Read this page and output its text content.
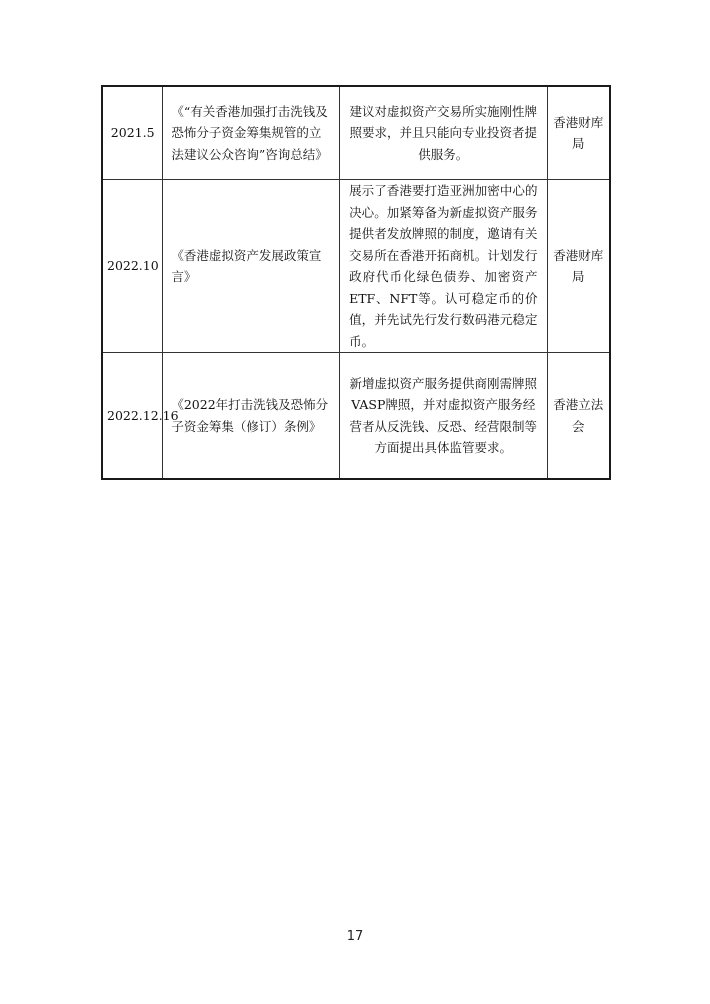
2021.5	《“有关香港加强打击洗钱及恐怖分子资金筹集规管的立法建议公众咨询”咨询总结》	建议对虚拟资产交易所实施刚性牌照要求，并且只能向专业投资者提供服务。	香港财库局
2022.10	《香港虚拟资产发展政策宣言》	展示了香港要打造亚洲加密中心的决心。加紧筹备为新虚拟资产服务提供者发放牌照的制度，邀请有关交易所在香港开拓商机。计划发行政府代币化绿色债券、加密资产ETF、NFT等。认可稳定币的价值，并先试先行发行数码港元稳定币。	香港财库局
2022.12.16	《2022年打击洗钱及恐怖分子资金筹集（修订）条例》	新增虚拟资产服务提供商刚需牌照VASP牌照，并对虚拟资产服务经营者从反洗钱、反恐、经营限制等方面提出具体监管要求。	香港立法会
17
